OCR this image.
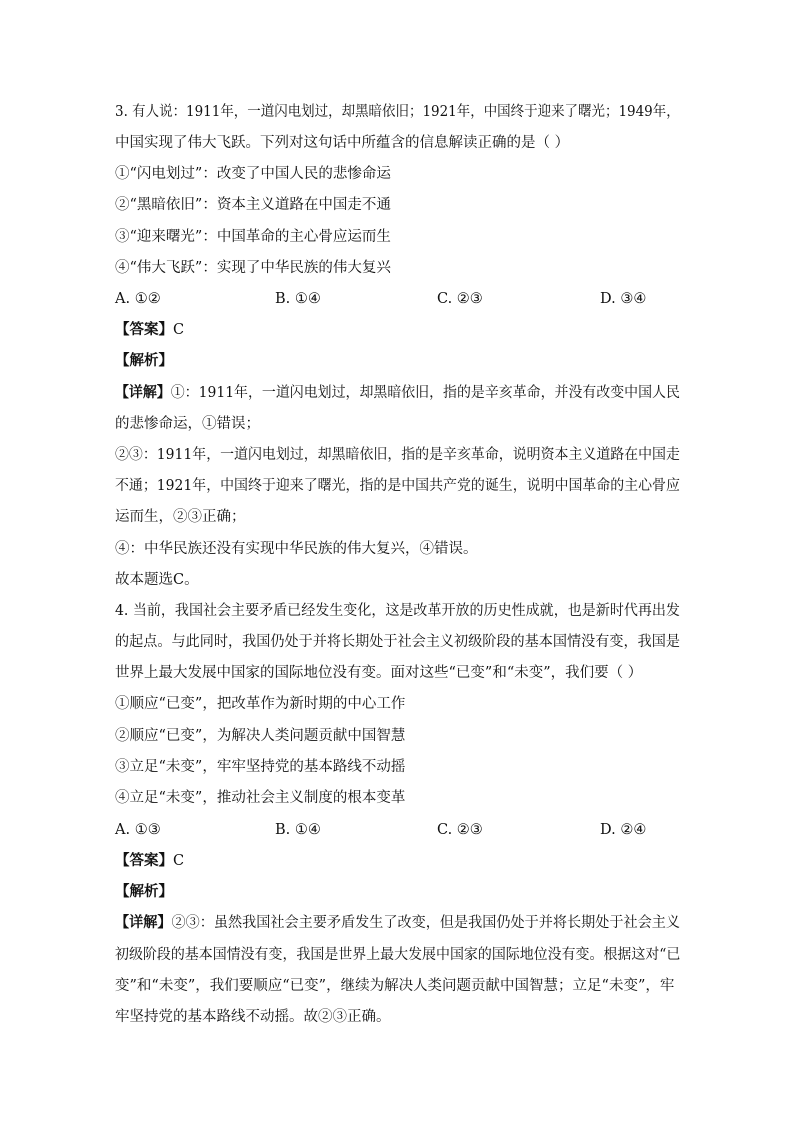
3. 有人说：1911年，一道闪电划过，却黑暗依旧；1921年，中国终于迎来了曙光；1949年，
中国实现了伟大飞跃。下列对这句话中所蕴含的信息解读正确的是（ ）
①“闪电划过”：改变了中国人民的悲惨命运
②“黑暗依旧”：资本主义道路在中国走不通
③“迎来曙光”：中国革命的主心骨应运而生
④“伟大飞跃”：实现了中华民族的伟大复兴
A. ①②	B. ①④	C. ②③	D. ③④
【答案】C
【解析】
【详解】①：1911年，一道闪电划过，却黑暗依旧，指的是辛亥革命，并没有改变中国人民
的悲惨命运，①错误；
②③：1911年，一道闪电划过，却黑暗依旧，指的是辛亥革命，说明资本主义道路在中国走
不通；1921年，中国终于迎来了曙光，指的是中国共产党的诞生，说明中国革命的主心骨应
运而生，②③正确；
④：中华民族还没有实现中华民族的伟大复兴，④错误。
故本题选C。
4. 当前，我国社会主要矛盾已经发生变化，这是改革开放的历史性成就，也是新时代再出发
的起点。与此同时，我国仍处于并将长期处于社会主义初级阶段的基本国情没有变，我国是
世界上最大发展中国家的国际地位没有变。面对这些“已变”和“未变”，我们要（ ）
①顺应“已变”，把改革作为新时期的中心工作
②顺应“已变”，为解决人类问题贡献中国智慧
③立足“未变”，牢牢坚持党的基本路线不动摇
④立足“未变”，推动社会主义制度的根本变革
A. ①③	B. ①④	C. ②③	D. ②④
【答案】C
【解析】
【详解】②③：虽然我国社会主要矛盾发生了改变，但是我国仍处于并将长期处于社会主义
初级阶段的基本国情没有变，我国是世界上最大发展中国家的国际地位没有变。根据这对“已
变”和“未变”，我们要顺应“已变”，继续为解决人类问题贡献中国智慧；立足“未变”，牢
牢坚持党的基本路线不动摇。故②③正确。
